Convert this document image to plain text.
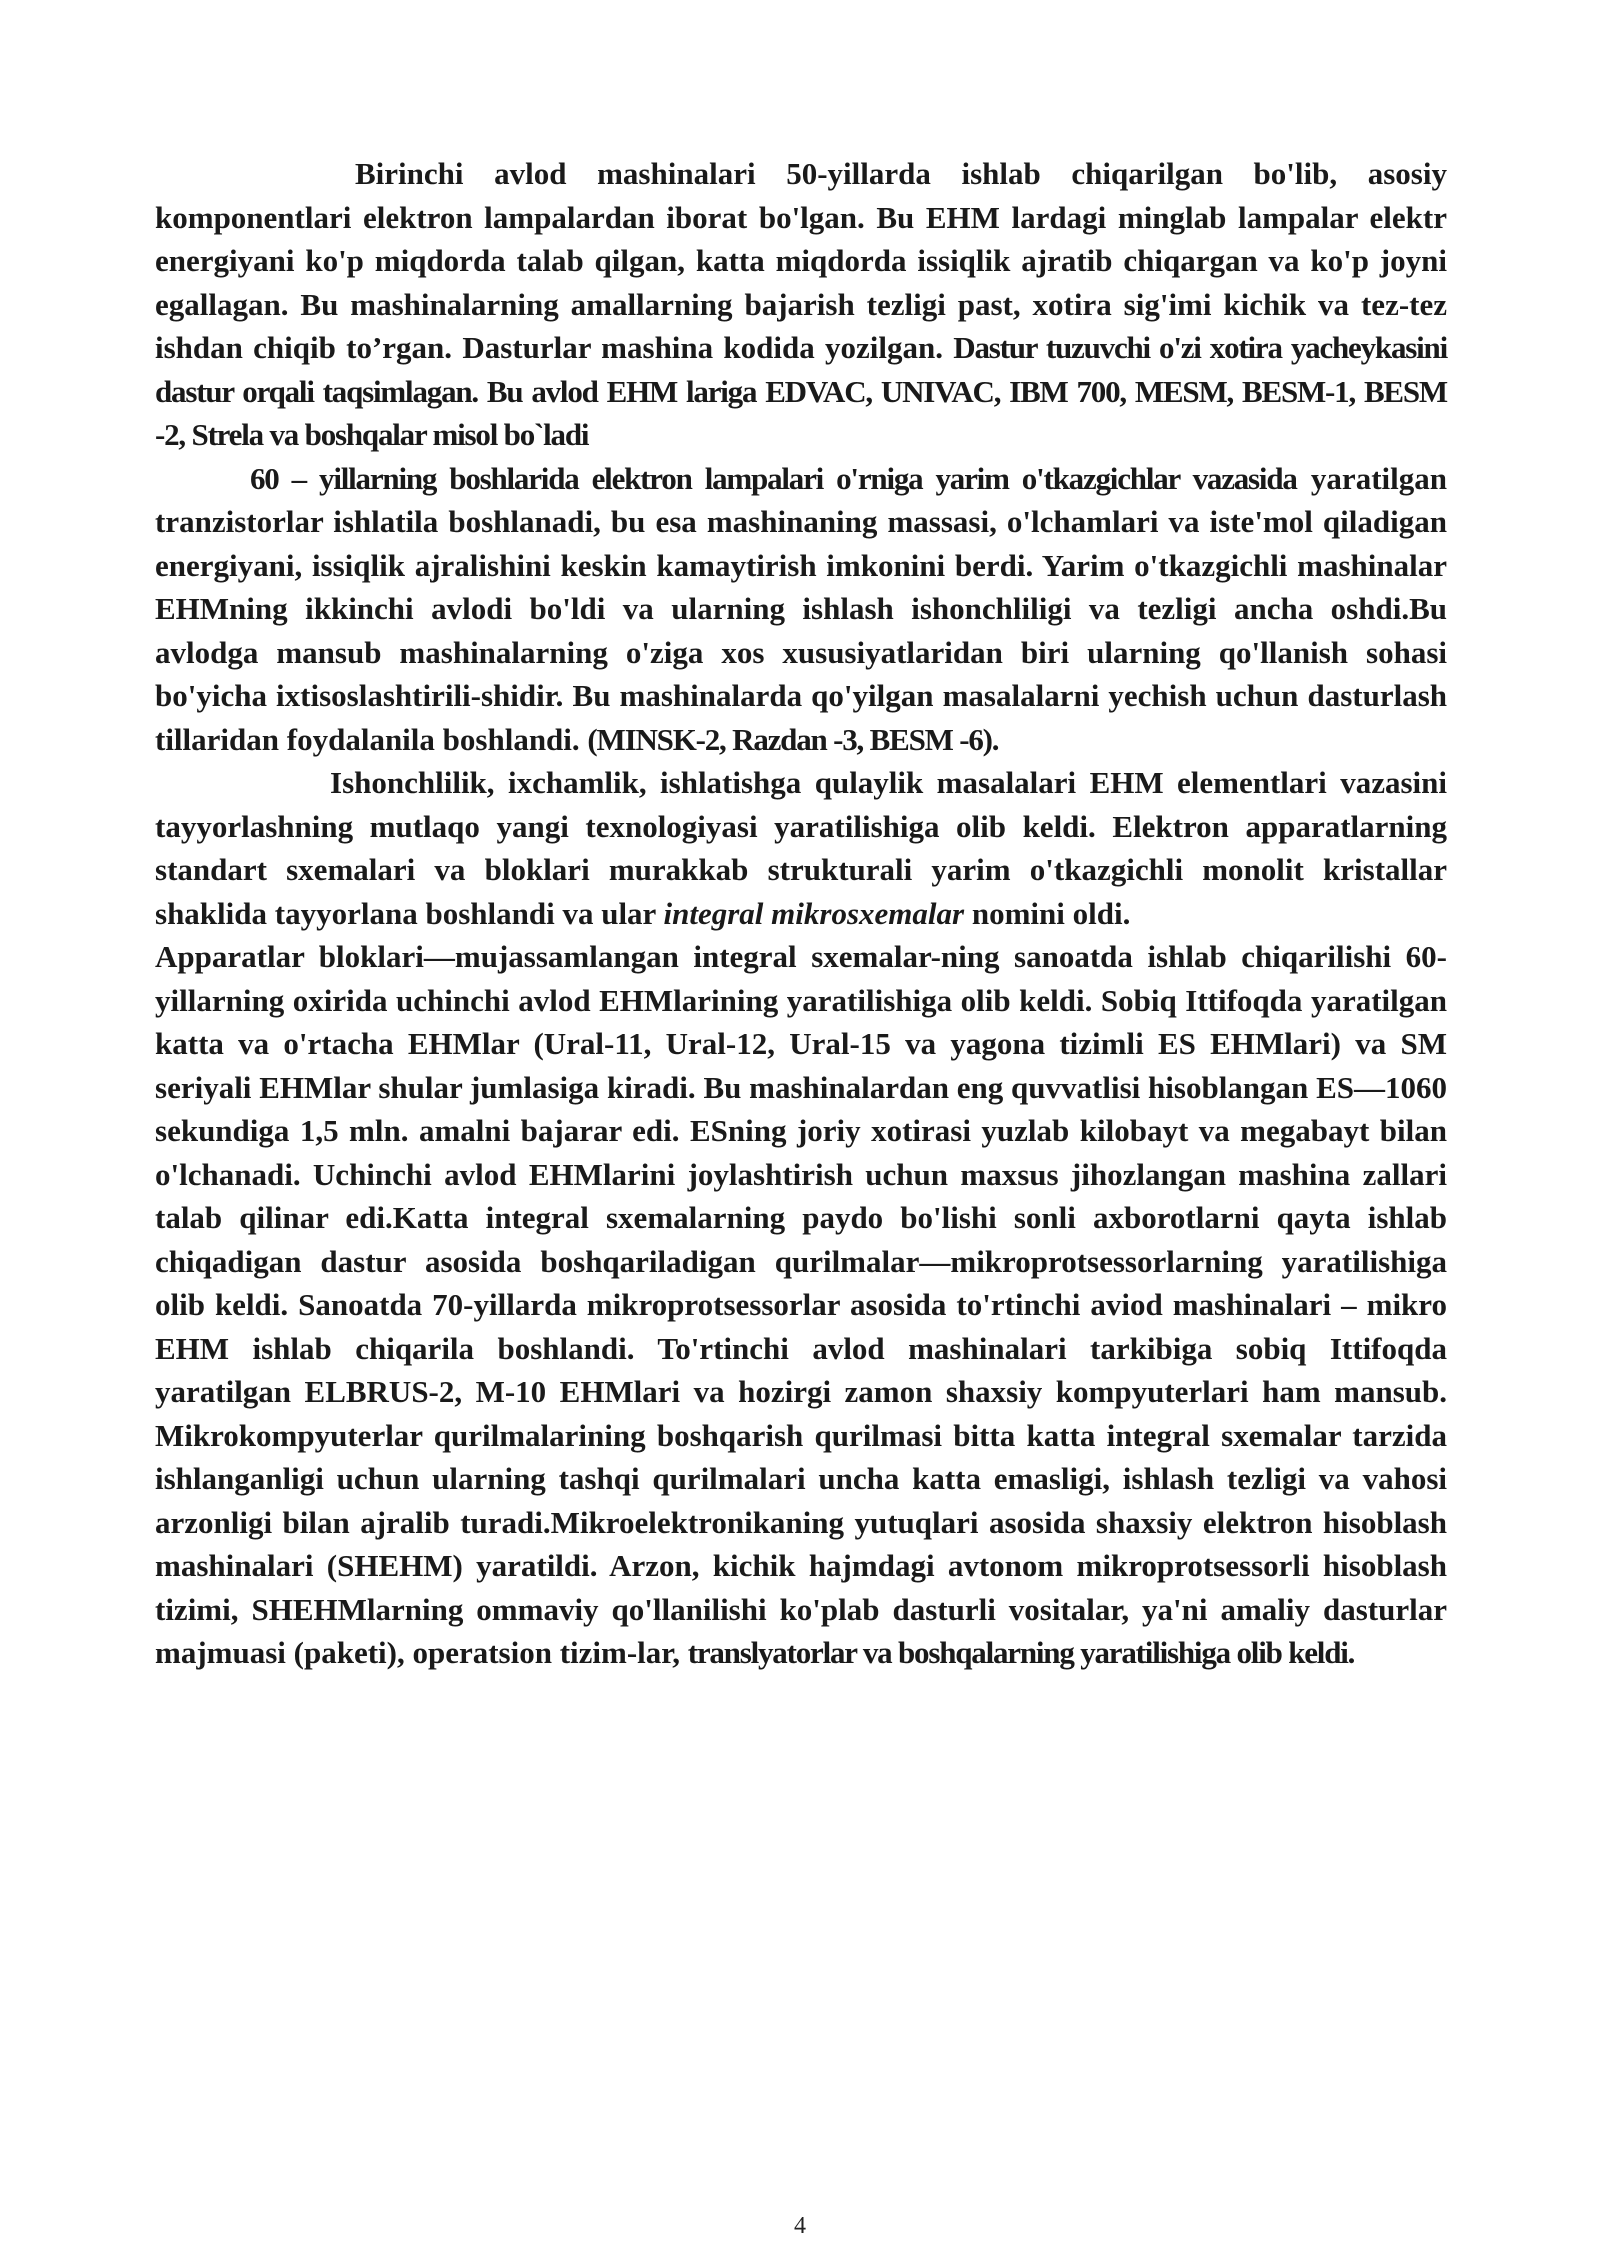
Birinchi avlod mashinalari 50-yillarda ishlab chiqarilgan bo'lib, asosiy komponentlari elektron lampalardan iborat bo'lgan. Bu EHM lardagi minglab lampalar elektr energiyani ko'p miqdorda talab qilgan, katta miqdorda issiqlik ajratib chiqargan va ko'p joyni egallagan. Bu mashinalarning amallarning bajarish tezligi past, xotira sig'imi kichik va tez-tez ishdan chiqib to’rgan. Dasturlar mashina kodida yozilgan. Dastur tuzuvchi o'zi xotira yacheykasini dastur orqali taqsimlagan. Bu avlod EHM lariga EDVAC, UNIVAC, IBM 700, MESM, BESM-1, BESM -2, Strela va boshqalar misol bo`ladi

60 – yillarning boshlarida elektron lampalari o'rniga yarim o'tkazgichlar vazasida yaratilgan tranzistorlar ishlatila boshlanadi, bu esa mashinaning massasi, o'lchamlari va iste'mol qiladigan energiyani, issiqlik ajralishini keskin kamaytirish imkonini berdi. Yarim o'tkazgichli mashinalar EHMning ikkinchi avlodi bo'ldi va ularning ishlash ishonchliligi va tezligi ancha oshdi.Bu avlodga mansub mashinalarning o'ziga xos xususiyatlaridan biri ularning qo'llanish sohasi bo'yicha ixtisoslashtirili-shidir. Bu mashinalarda qo'yilgan masalalarni yechish uchun dasturlash tillaridan foydalanila boshlandi. (MINSK-2, Razdan -3, BESM -6).

Ishonchlilik, ixchamlik, ishlatishga qulaylik masalalari EHM elementlari vazasini tayyorlashning mutlaqo yangi texnologiyasi yaratilishiga olib keldi. Elektron apparatlarning standart sxemalari va bloklari murakkab strukturali yarim o'tkazgichli monolit kristallar shaklida tayyorlana boshlandi va ular integral mikrosxemalar nomini oldi.

Apparatlar bloklari—mujassamlangan integral sxemalar-ning sanoatda ishlab chiqarilishi 60-yillarning oxirida uchinchi avlod EHMlarining yaratilishiga olib keldi. Sobiq Ittifoqda yaratilgan katta va o'rtacha EHMlar (Ural-11, Ural-12, Ural-15 va yagona tizimli ES EHMlari) va SM seriyali EHMlar shular jumlasiga kiradi. Bu mashinalardan eng quvvatlisi hisoblangan ES—1060 sekundiga 1,5 mln. amalni bajarar edi. ESning joriy xotirasi yuzlab kilobayt va megabayt bilan o'lchanadi. Uchinchi avlod EHMlarini joylashtirish uchun maxsus jihozlangan mashina zallari talab qilinar edi.Katta integral sxemalarning paydo bo'lishi sonli axborotlarni qayta ishlab chiqadigan dastur asosida boshqariladigan qurilmalar—mikroprotsessorlarning yaratilishiga olib keldi. Sanoatda 70-yillarda mikroprotsessorlar asosida to'rtinchi aviod mashinalari – mikro EHM ishlab chiqarila boshlandi. To'rtinchi avlod mashinalari tarkibiga sobiq Ittifoqda yaratilgan ELBRUS-2, M-10 EHMlari va hozirgi zamon shaxsiy kompyuterlari ham mansub. Mikrokompyuterlar qurilmalarining boshqarish qurilmasi bitta katta integral sxemalar tarzida ishlanganligi uchun ularning tashqi qurilmalari uncha katta emasligi, ishlash tezligi va vahosi arzonligi bilan ajralib turadi.Mikroelektronikaning yutuqlari asosida shaxsiy elektron hisoblash mashinalari (SHEHM) yaratildi. Arzon, kichik hajmdagi avtonom mikroprotsessorli hisoblash tizimi, SHEHMlarning ommaviy qo'llanilishi ko'plab dasturli vositalar, ya'ni amaliy dasturlar majmuasi (paketi), operatsion tizim-lar, translyatorlar va boshqalarning yaratilishiga olib keldi.

4
